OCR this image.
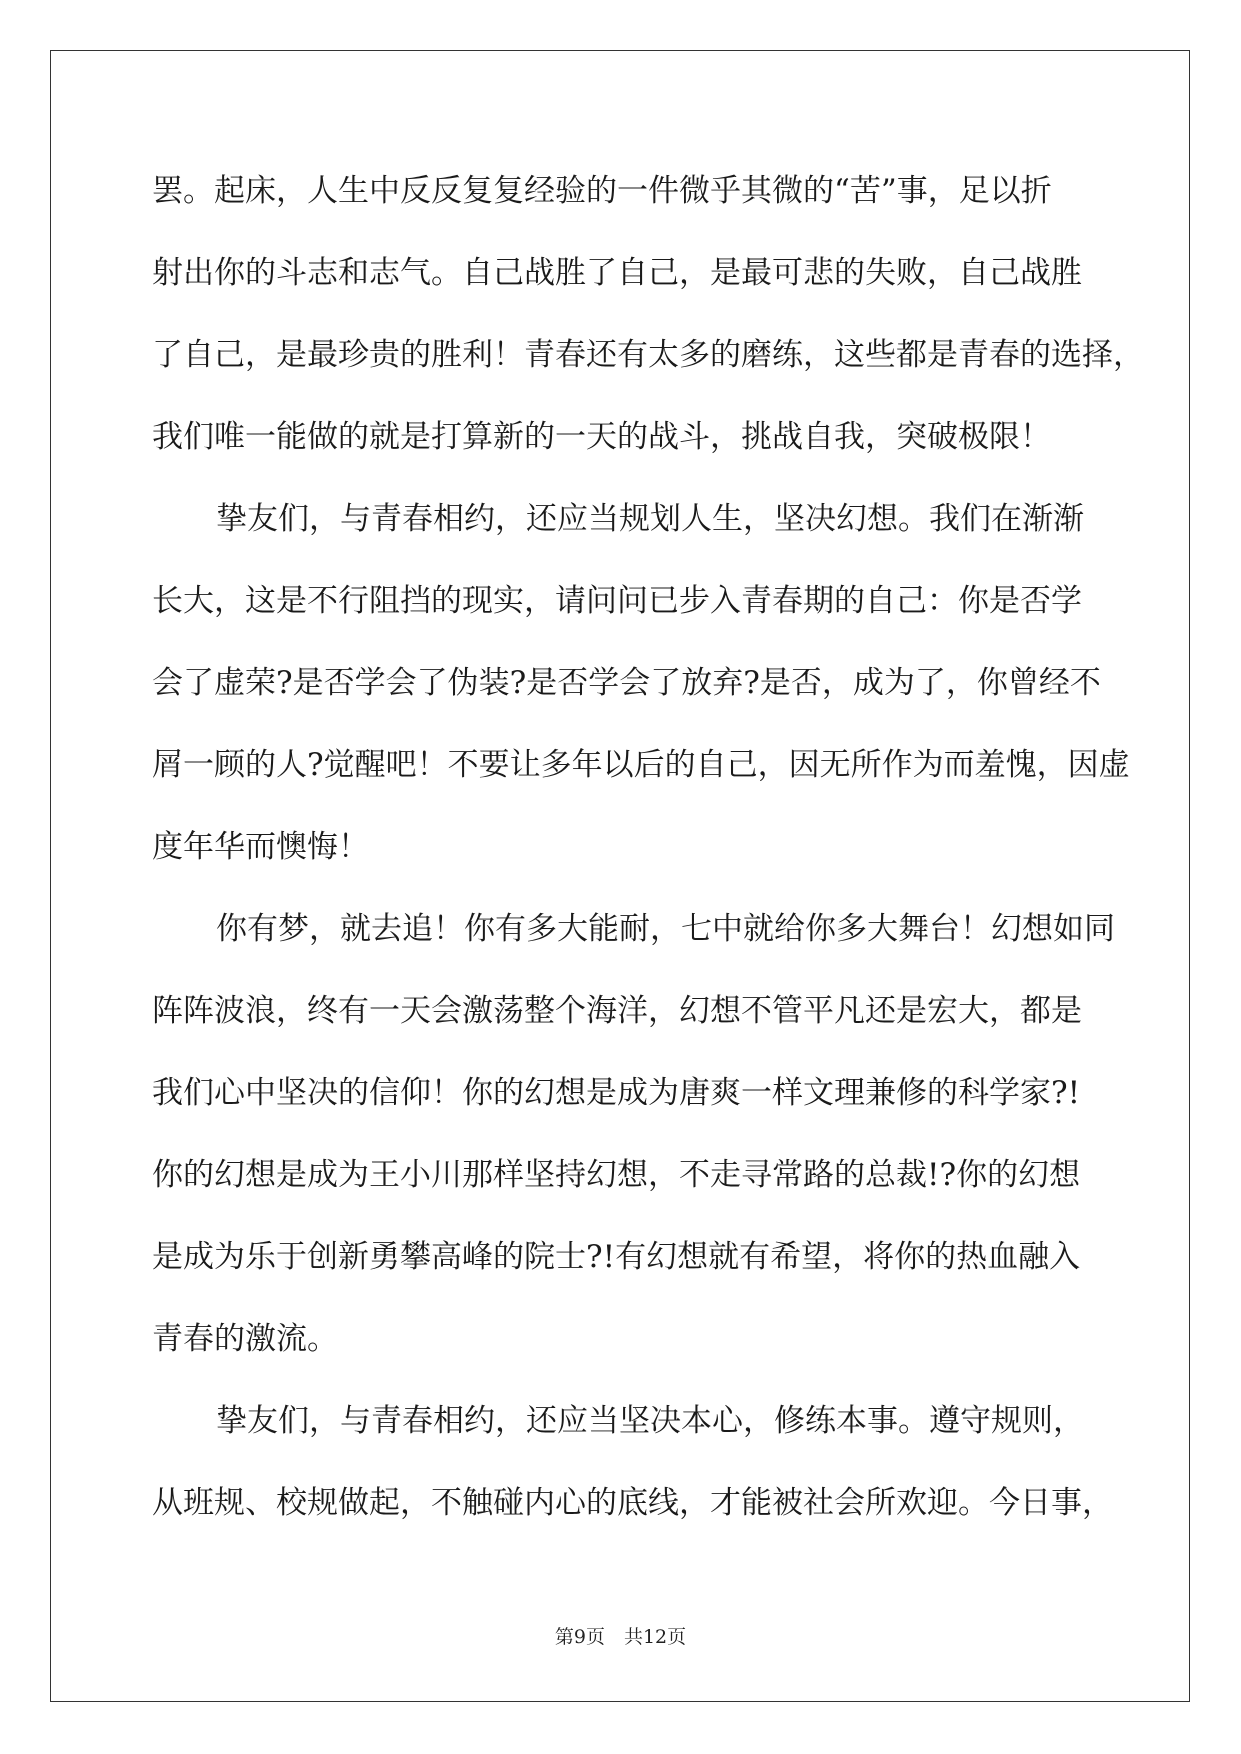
罢。起床，人生中反反复复经验的一件微乎其微的“苦”事，足以折
射出你的斗志和志气。自己战胜了自己，是最可悲的失败，自己战胜
了自己，是最珍贵的胜利！青春还有太多的磨练，这些都是青春的选择，
我们唯一能做的就是打算新的一天的战斗，挑战自我，突破极限！
挚友们，与青春相约，还应当规划人生，坚决幻想。我们在渐渐
长大，这是不行阻挡的现实，请问问已步入青春期的自己：你是否学
会了虚荣?是否学会了伪装?是否学会了放弃?是否，成为了，你曾经不
屑一顾的人?觉醒吧！不要让多年以后的自己，因无所作为而羞愧，因虚
度年华而懊悔！
你有梦，就去追！你有多大能耐，七中就给你多大舞台！幻想如同
阵阵波浪，终有一天会激荡整个海洋，幻想不管平凡还是宏大，都是
我们心中坚决的信仰！你的幻想是成为唐爽一样文理兼修的科学家?!
你的幻想是成为王小川那样坚持幻想，不走寻常路的总裁!?你的幻想
是成为乐于创新勇攀高峰的院士?!有幻想就有希望，将你的热血融入
青春的激流。
挚友们，与青春相约，还应当坚决本心，修练本事。遵守规则，
从班规、校规做起，不触碰内心的底线，才能被社会所欢迎。今日事，
第9页　共12页
